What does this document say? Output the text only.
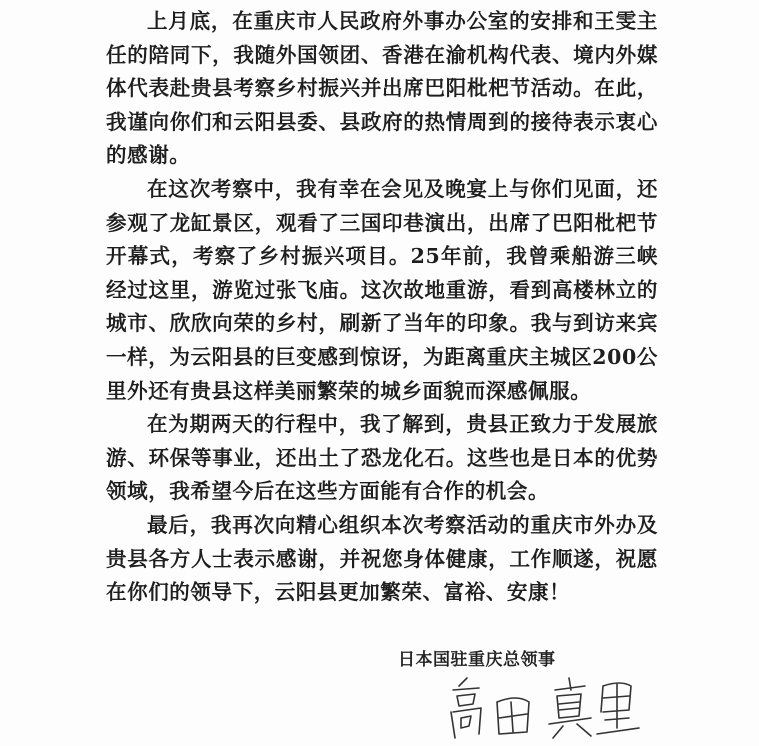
上月底，在重庆市人民政府外事办公室的安排和王雯主任的陪同下，我随外国领团、香港在渝机构代表、境内外媒体代表赴贵县考察乡村振兴并出席巴阳枇杷节活动。在此，我谨向你们和云阳县委、县政府的热情周到的接待表示衷心的感谢。

在这次考察中，我有幸在会见及晚宴上与你们见面，还参观了龙缸景区，观看了三国印巷演出，出席了巴阳枇杷节开幕式，考察了乡村振兴项目。25年前，我曾乘船游三峡经过这里，游览过张飞庙。这次故地重游，看到高楼林立的城市、欣欣向荣的乡村，刷新了当年的印象。我与到访来宾一样，为云阳县的巨变感到惊讶，为距离重庆主城区200公里外还有贵县这样美丽繁荣的城乡面貌而深感佩服。

在为期两天的行程中，我了解到，贵县正致力于发展旅游、环保等事业，还出土了恐龙化石。这些也是日本的优势领域，我希望今后在这些方面能有合作的机会。

最后，我再次向精心组织本次考察活动的重庆市外办及贵县各方人士表示感谢，并祝您身体健康，工作顺遂，祝愿在你们的领导下，云阳县更加繁荣、富裕、安康！

日本国驻重庆总领事
